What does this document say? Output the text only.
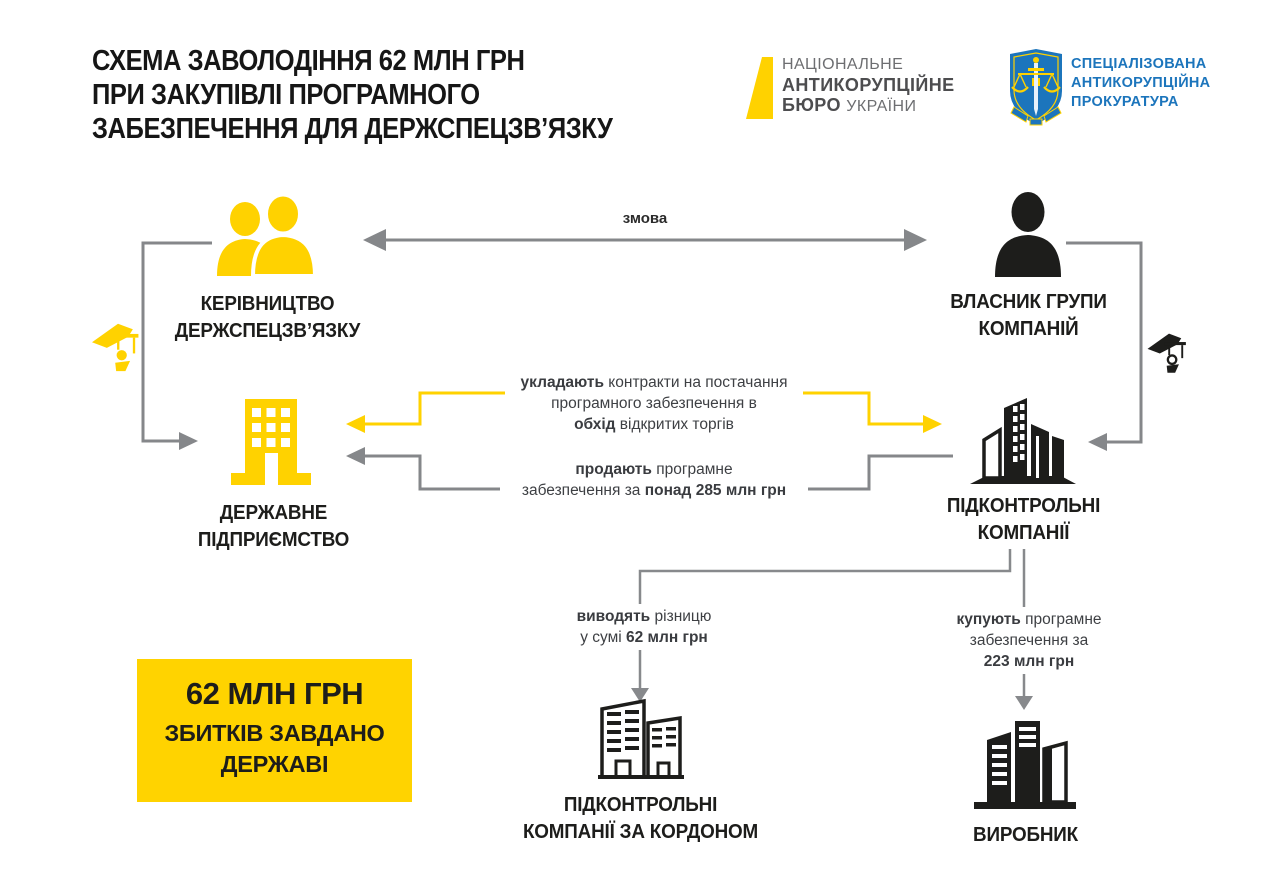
СХЕМА ЗАВОЛОДІННЯ 62 МЛН ГРН
ПРИ ЗАКУПІВЛІ ПРОГРАМНОГО
ЗАБЕЗПЕЧЕННЯ ДЛЯ ДЕРЖСПЕЦЗВ’ЯЗКУ
НАЦІОНАЛЬНЕ
АНТИКОРУПЦІЙНЕ
БЮРО УКРАЇНИ
СПЕЦІАЛІЗОВАНА
АНТИКОРУПЦІЙНА
ПРОКУРАТУРА
КЕРІВНИЦТВО
ДЕРЖСПЕЦЗВ’ЯЗКУ
ВЛАСНИК ГРУПИ
КОМПАНІЙ
змова
ДЕРЖАВНЕ
ПІДПРИЄМСТВО
ПІДКОНТРОЛЬНІ
КОМПАНІЇ
укладають контракти на постачання
програмного забезпечення в
обхід відкритих торгів
продають програмне
забезпечення за понад 285 млн грн
виводять різницю
у сумі 62 млн грн
купують програмне
забезпечення за
223 млн грн
62 МЛН ГРН
ЗБИТКІВ ЗАВДАНО
ДЕРЖАВІ
ПІДКОНТРОЛЬНІ
КОМПАНІЇ ЗА КОРДОНОМ	ВИРОБНИК
